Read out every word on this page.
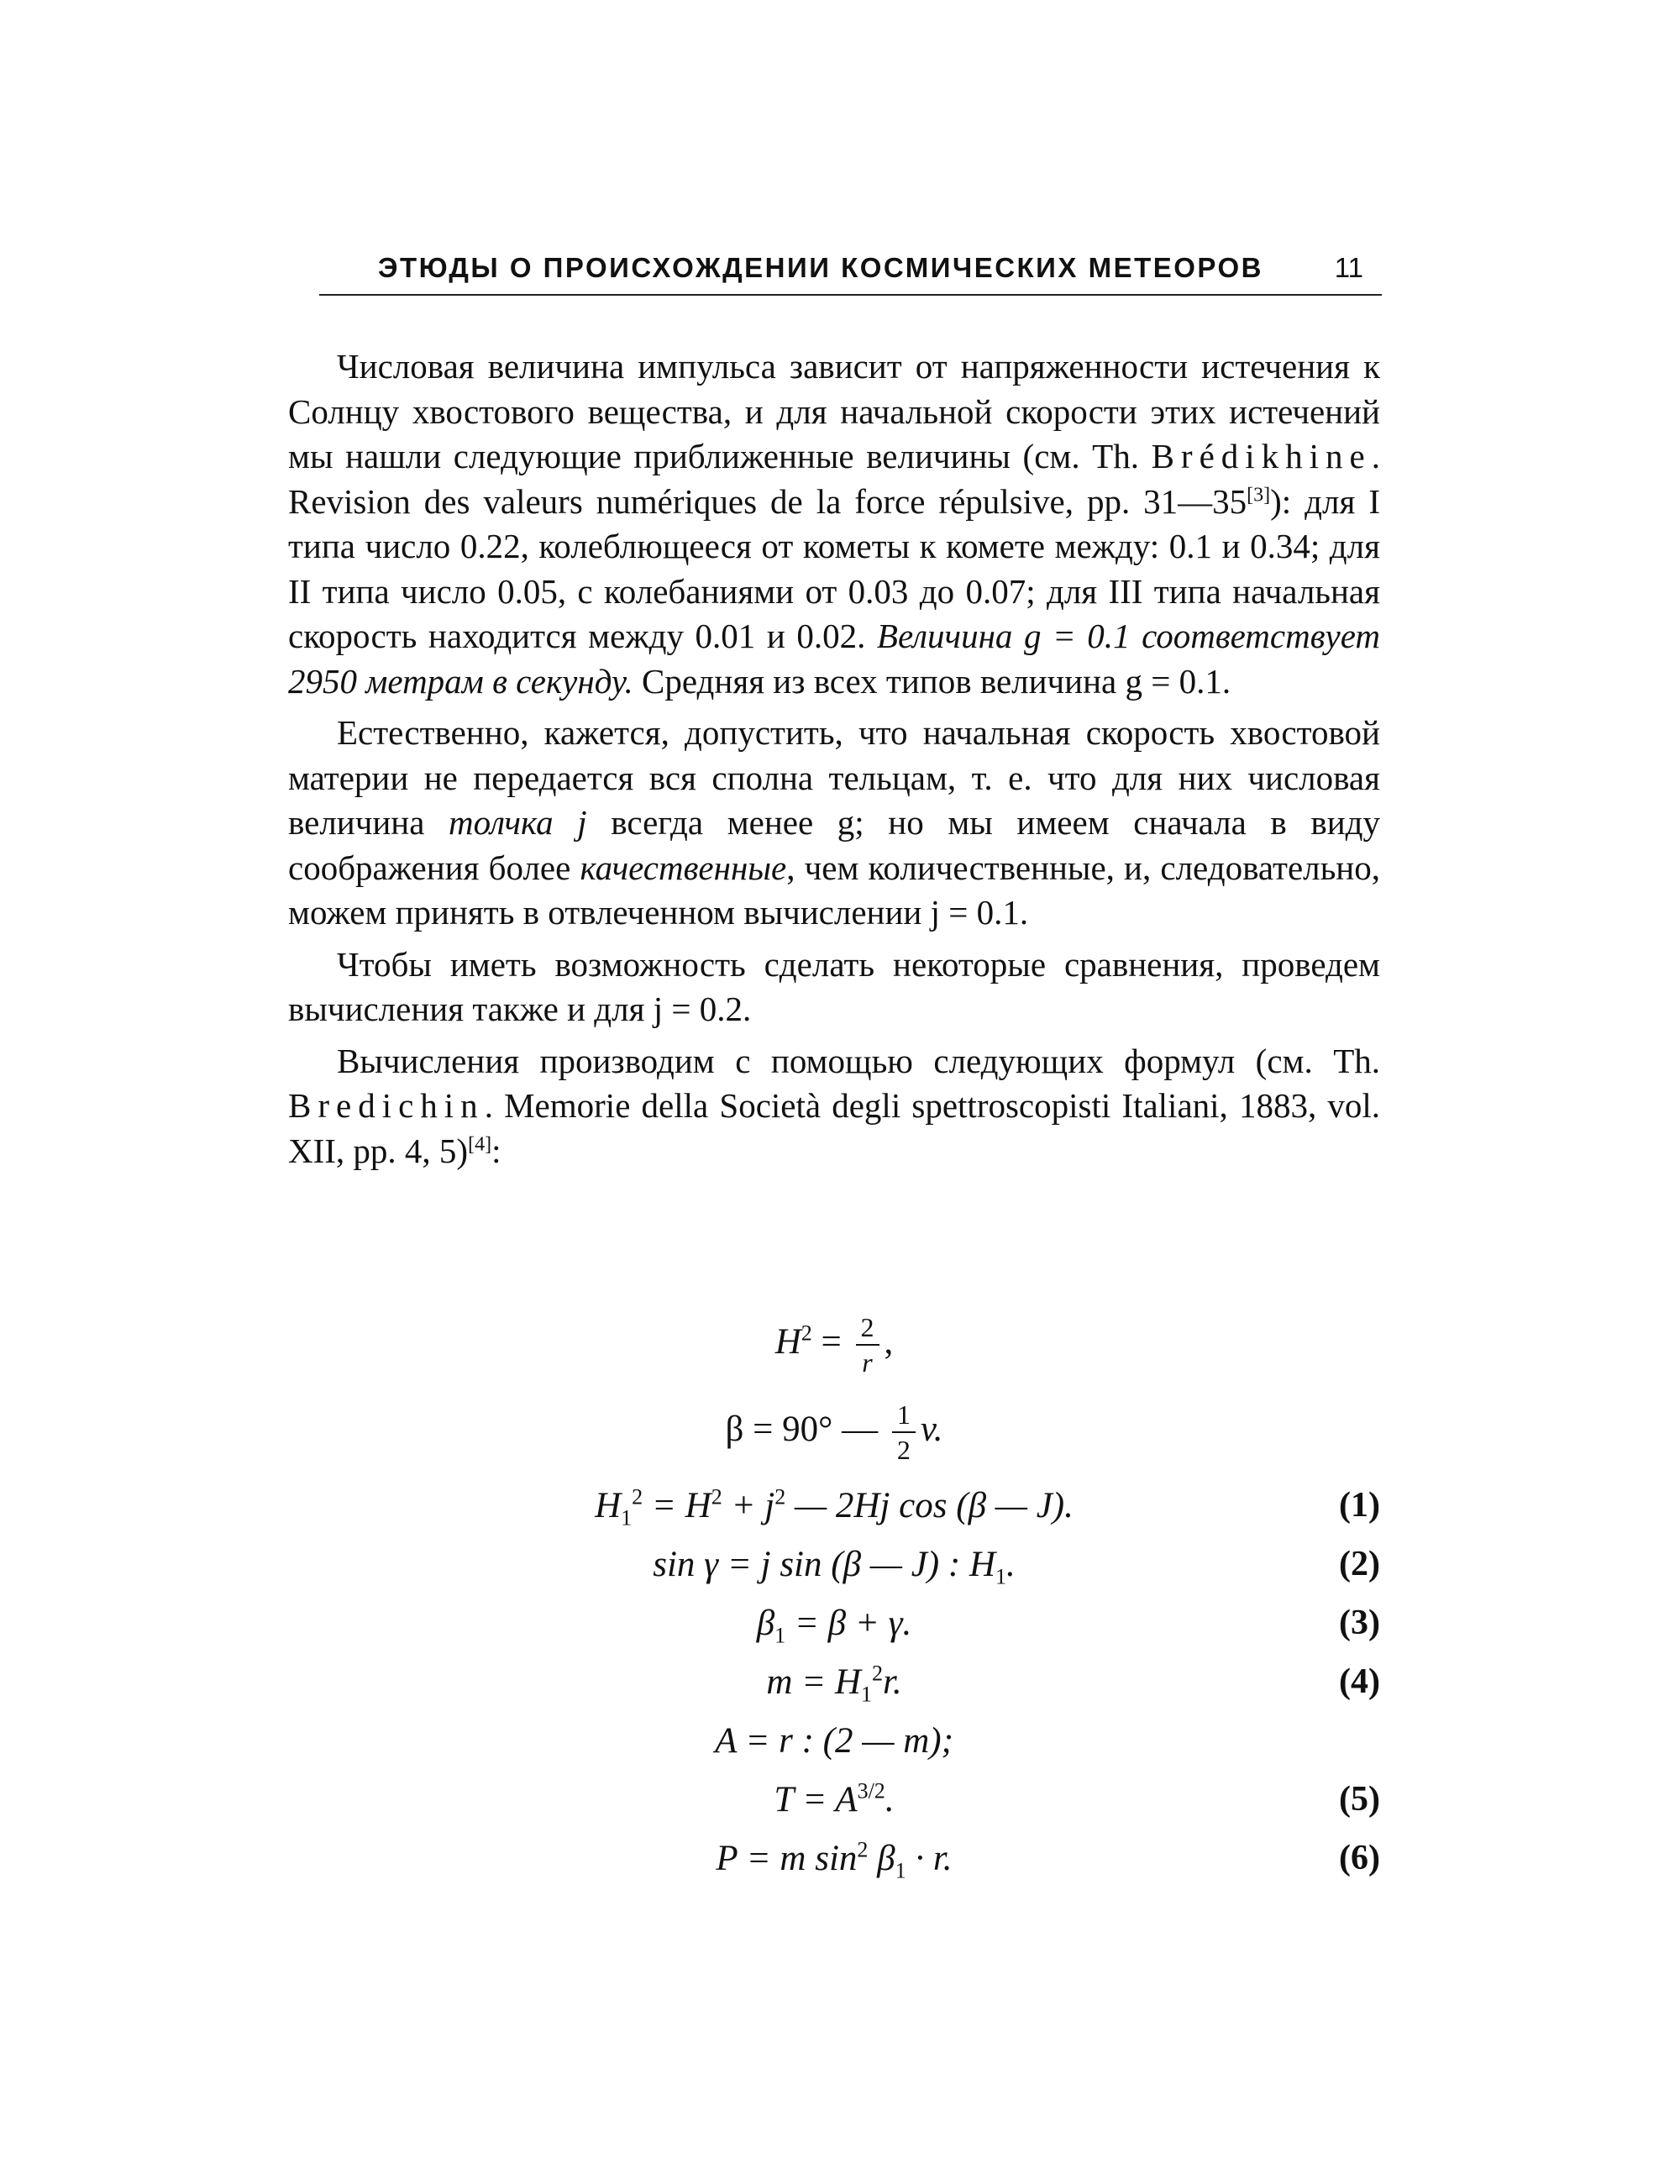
ЭТЮДЫ О ПРОИСХОЖДЕНИИ КОСМИЧЕСКИХ МЕТЕОРОВ	11

Числовая величина импульса зависит от напряженности истечения к Солнцу хвостового вещества, и для начальной скорости этих истечений мы нашли следующие приближенные величины (см. Th. Brédikhine. Revision des valeurs numériques de la force répulsive, pp. 31—35[3]): для I типа число 0.22, колеблющееся от кометы к комете между: 0.1 и 0.34; для II типа число 0.05, с колебаниями от 0.03 до 0.07; для III типа начальная скорость находится между 0.01 и 0.02. Величина g = 0.1 соответствует 2950 метрам в секунду. Средняя из всех типов величина g = 0.1.

Естественно, кажется, допустить, что начальная скорость хвостовой материи не передается вся сполна тельцам, т. е. что для них числовая величина толчка j всегда менее g; но мы имеем сначала в виду соображения более качественные, чем количественные, и, следовательно, можем принять в отвлеченном вычислении j = 0.1.

Чтобы иметь возможность сделать некоторые сравнения, проведем вычисления также и для j = 0.2.

Вычисления производим с помощью следующих формул (см. Th. Bredichin. Memorie della Società degli spettroscopisti Italiani, 1883, vol. XII, pp. 4, 5)[4]:

$H^2 = \frac{2}{r}$ ,
β = 90° — $\frac{1}{2} v$.
$H_1^2 = H^2 + j^2$ — 2Hj cos (β — J).	(1)
sin γ = j sin (β — J) : $H_1$.	(2)
$\beta_1 = \beta + \gamma$.	(3)
$m = H_1^2r$.	(4)
A = r : (2 — m);
$T = A^{3/2}$.	(5)
P = m $\sin^2 \beta_1 \cdot r$.	(6)
